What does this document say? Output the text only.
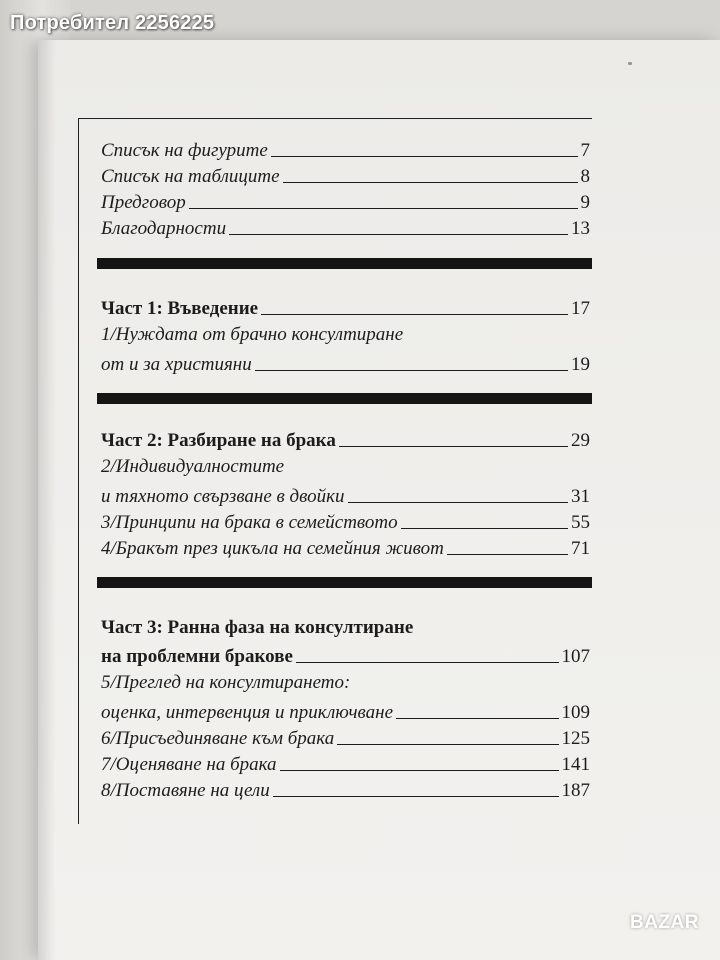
Потребител 2256225
Списък на фигурите	7
Списък на таблиците	8
Предговор	9
Благодарности	13
Част 1: Въведение	17
1/Нуждата от брачно консултиране
от и за християни	19
Част 2: Разбиране на брака	29
2/Индивидуалностите
и тяхното свързване в двойки	31
3/Принципи на брака в семейството	55
4/Бракът през цикъла на семейния живот	71
Част 3: Ранна фаза на консултиране
на проблемни бракове	107
5/Преглед на консултирането:
оценка, интервенция и приключване	109
6/Присъединяване към брака	125
7/Оценяване на брака	141
8/Поставяне на цели	187
BAZAR
